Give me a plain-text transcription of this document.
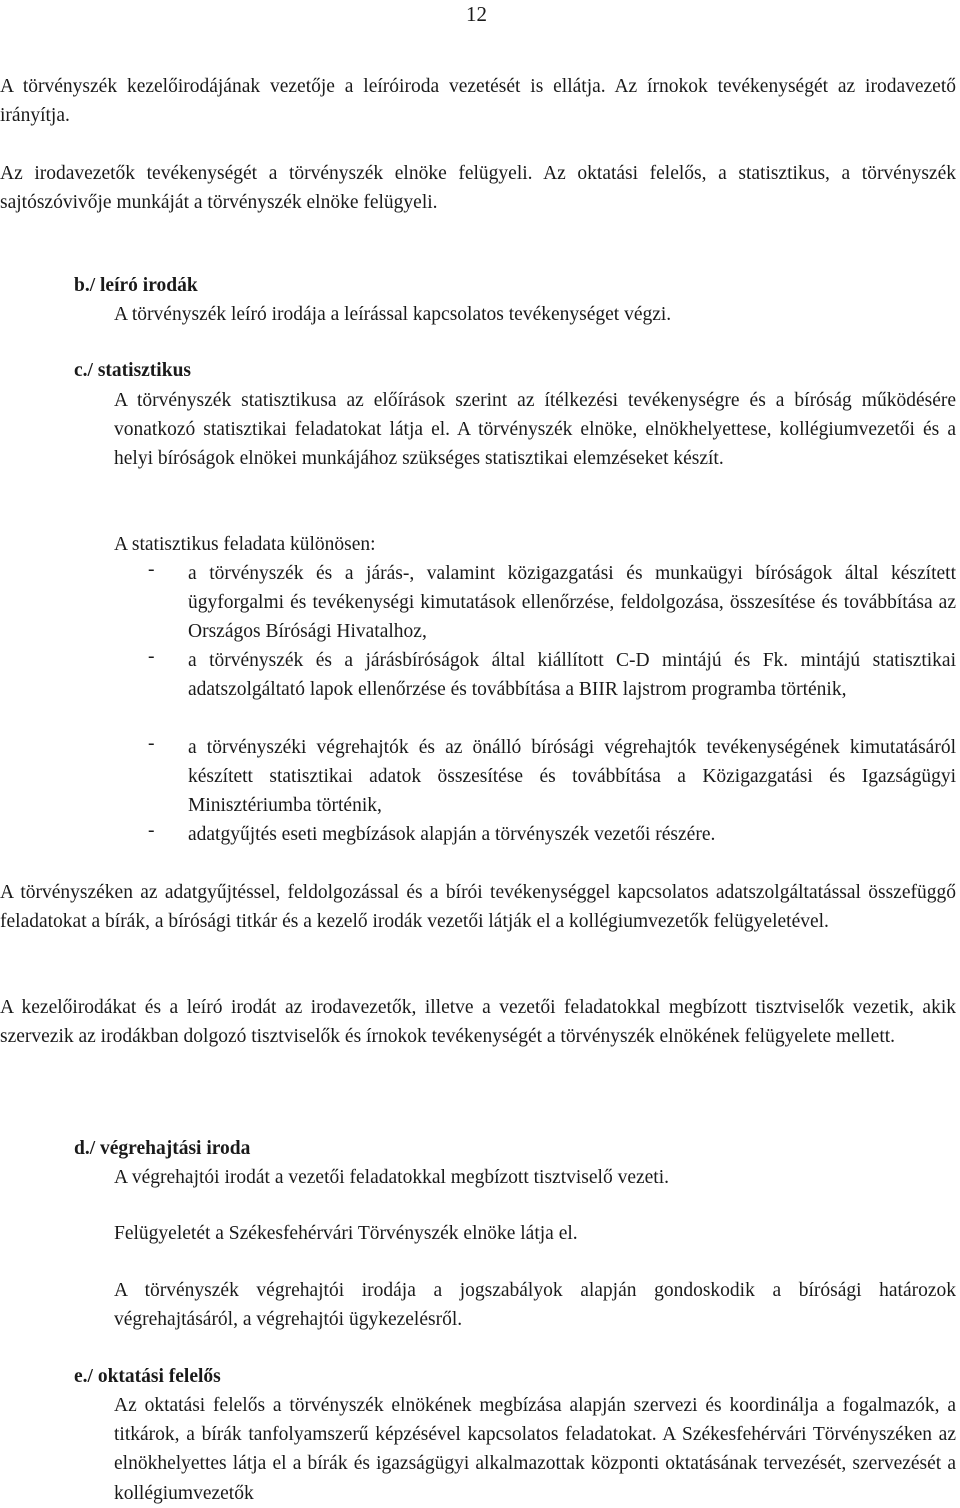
12
A törvényszék kezelőirodájának vezetője a leíróiroda vezetését is ellátja. Az írnokok tevékenységét az irodavezető irányítja.
Az irodavezetők tevékenységét a törvényszék elnöke felügyeli. Az oktatási felelős, a statisztikus, a törvényszék sajtószóvivője munkáját a törvényszék elnöke felügyeli.
b./ leíró irodák
A törvényszék leíró irodája a leírással kapcsolatos tevékenységet végzi.
c./ statisztikus
A törvényszék statisztikusa az előírások szerint az ítélkezési tevékenységre és a bíróság működésére vonatkozó statisztikai feladatokat látja el. A törvényszék elnöke, elnökhelyettese, kollégiumvezetői és a helyi bíróságok elnökei munkájához szükséges statisztikai elemzéseket készít.
A statisztikus feladata különösen:
- a törvényszék és a járás-, valamint közigazgatási és munkaügyi bíróságok által készített ügyforgalmi és tevékenységi kimutatások ellenőrzése, feldolgozása, összesítése és továbbítása az Országos Bírósági Hivatalhoz,
- a törvényszék és a járásbíróságok által kiállított C-D mintájú és Fk. mintájú statisztikai adatszolgáltató lapok ellenőrzése és továbbítása a BIIR lajstrom programba történik,
- a törvényszéki végrehajtók és az önálló bírósági végrehajtók tevékenységének kimutatásáról készített statisztikai adatok összesítése és továbbítása a Közigazgatási és Igazságügyi Minisztériumba történik,
- adatgyűjtés eseti megbízások alapján a törvényszék vezetői részére.
A törvényszéken az adatgyűjtéssel, feldolgozással és a bírói tevékenységgel kapcsolatos adatszolgáltatással összefüggő feladatokat a bírák, a bírósági titkár és a kezelő irodák vezetői látják el a kollégiumvezetők felügyeletével.
A kezelőirodákat és a leíró irodát az irodavezetők, illetve a vezetői feladatokkal megbízott tisztviselők vezetik, akik szervezik az irodákban dolgozó tisztviselők és írnokok tevékenységét a törvényszék elnökének felügyelete mellett.
d./ végrehajtási iroda
A végrehajtói irodát a vezetői feladatokkal megbízott tisztviselő vezeti.
Felügyeletét a Székesfehérvári Törvényszék elnöke látja el.
A törvényszék végrehajtói irodája a jogszabályok alapján gondoskodik a bírósági határozok végrehajtásáról, a végrehajtói ügykezelésről.
e./ oktatási felelős
Az oktatási felelős a törvényszék elnökének megbízása alapján szervezi és koordinálja a fogalmazók, a titkárok, a bírák tanfolyamszerű képzésével kapcsolatos feladatokat. A Székesfehérvári Törvényszéken az elnökhelyettes látja el a bírák és igazságügyi alkalmazottak központi oktatásának tervezését, szervezését a kollégiumvezetők
